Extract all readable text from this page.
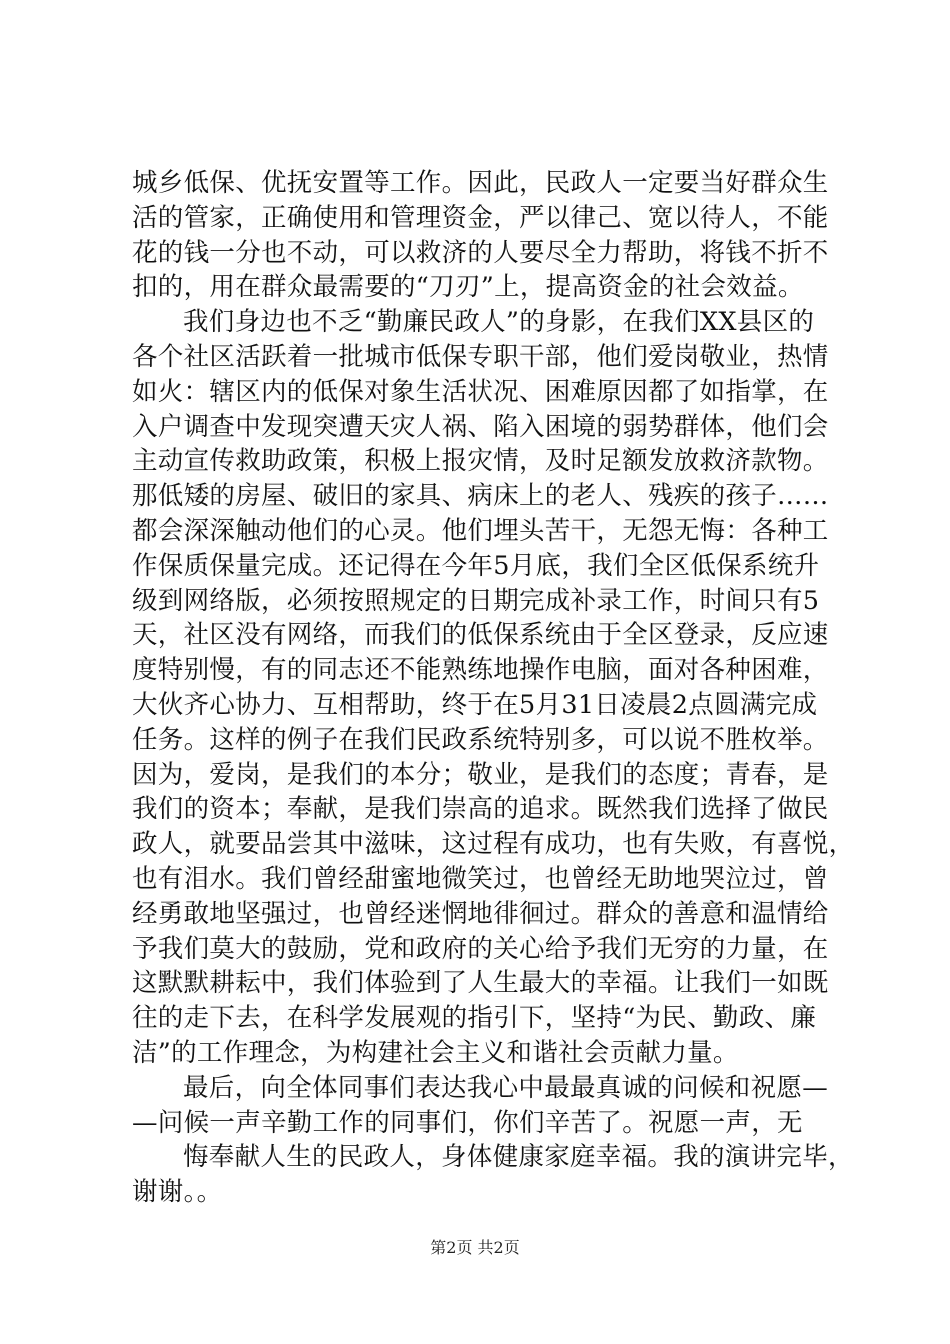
城乡低保、优抚安置等工作。因此，民政人一定要当好群众生
活的管家，正确使用和管理资金，严以律己、宽以待人，不能
花的钱一分也不动，可以救济的人要尽全力帮助，将钱不折不
扣的，用在群众最需要的“刀刃”上，提高资金的社会效益。
我们身边也不乏“勤廉民政人”的身影，在我们XX县区的
各个社区活跃着一批城市低保专职干部，他们爱岗敬业，热情
如火：辖区内的低保对象生活状况、困难原因都了如指掌，在
入户调查中发现突遭天灾人祸、陷入困境的弱势群体，他们会
主动宣传救助政策，积极上报灾情，及时足额发放救济款物。
那低矮的房屋、破旧的家具、病床上的老人、残疾的孩子……
都会深深触动他们的心灵。他们埋头苦干，无怨无悔：各种工
作保质保量完成。还记得在今年5月底，我们全区低保系统升
级到网络版，必须按照规定的日期完成补录工作，时间只有5
天，社区没有网络，而我们的低保系统由于全区登录，反应速
度特别慢，有的同志还不能熟练地操作电脑，面对各种困难，
大伙齐心协力、互相帮助，终于在5月31日凌晨2点圆满完成
任务。这样的例子在我们民政系统特别多，可以说不胜枚举。
因为，爱岗，是我们的本分；敬业，是我们的态度；青春，是
我们的资本；奉献，是我们崇高的追求。既然我们选择了做民
政人，就要品尝其中滋味，这过程有成功，也有失败，有喜悦，
也有泪水。我们曾经甜蜜地微笑过，也曾经无助地哭泣过，曾
经勇敢地坚强过，也曾经迷惘地徘徊过。群众的善意和温情给
予我们莫大的鼓励，党和政府的关心给予我们无穷的力量，在
这默默耕耘中，我们体验到了人生最大的幸福。让我们一如既
往的走下去，在科学发展观的指引下，坚持“为民、勤政、廉
洁”的工作理念，为构建社会主义和谐社会贡献力量。
最后，向全体同事们表达我心中最最真诚的问候和祝愿—
—问候一声辛勤工作的同事们，你们辛苦了。祝愿一声，无
悔奉献人生的民政人，身体健康家庭幸福。我的演讲完毕，
谢谢。。
第2页 共2页
